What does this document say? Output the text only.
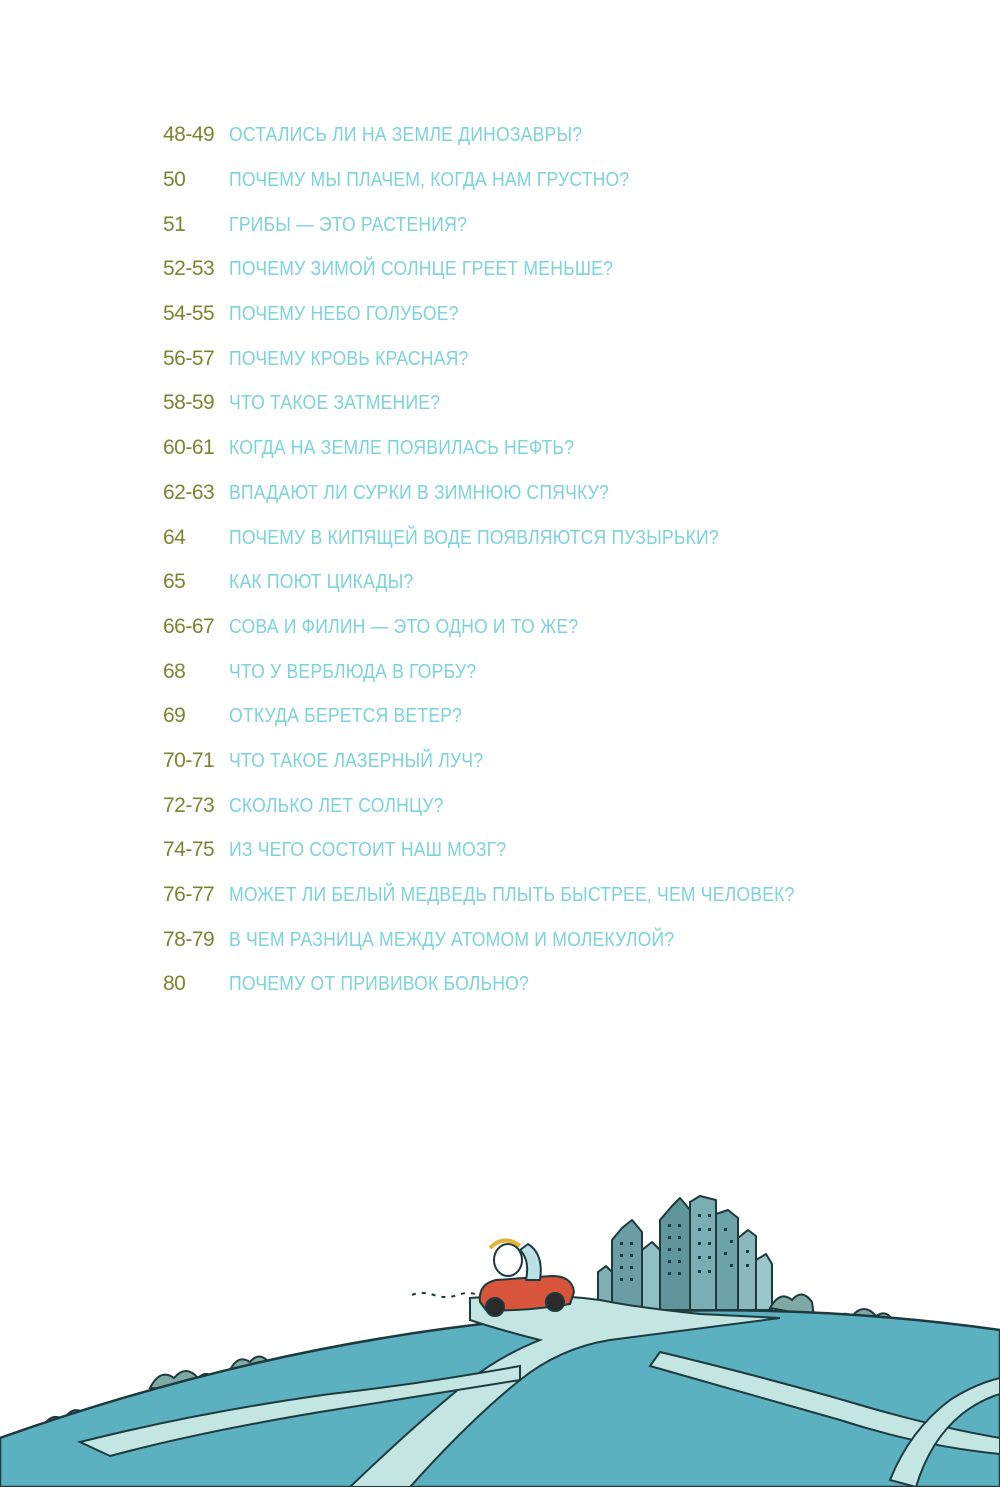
48-49 ОСТАЛИСЬ ЛИ НА ЗЕМЛЕ ДИНОЗАВРЫ?
50	ПОЧЕМУ МЫ ПЛАЧЕМ, КОГДА НАМ ГРУСТНО?
51	ГРИБЫ — ЭТО РАСТЕНИЯ?
52-53 ПОЧЕМУ ЗИМОЙ СОЛНЦЕ ГРЕЕТ МЕНЬШЕ?
54-55 ПОЧЕМУ НЕБО ГОЛУБОЕ?
56-57 ПОЧЕМУ КРОВЬ КРАСНАЯ?
58-59 ЧТО ТАКОЕ ЗАТМЕНИЕ?
60-61 КОГДА НА ЗЕМЛЕ ПОЯВИЛАСЬ НЕФТЬ?
62-63 ВПАДАЮТ ЛИ СУРКИ В ЗИМНЮЮ СПЯЧКУ?
64	ПОЧЕМУ В КИПЯЩЕЙ ВОДЕ ПОЯВЛЯЮТСЯ ПУЗЫРЬКИ?
65	КАК ПОЮТ ЦИКАДЫ?
66-67 СОВА И ФИЛИН — ЭТО ОДНО И ТО ЖЕ?
68	ЧТО У ВЕРБЛЮДА В ГОРБУ?
69	ОТКУДА БЕРЕТСЯ ВЕТЕР?
70-71 ЧТО ТАКОЕ ЛАЗЕРНЫЙ ЛУЧ?
72-73 СКОЛЬКО ЛЕТ СОЛНЦУ?
74-75 ИЗ ЧЕГО СОСТОИТ НАШ МОЗГ?
76-77 МОЖЕТ ЛИ БЕЛЫЙ МЕДВЕДЬ ПЛЫТЬ БЫСТРЕЕ, ЧЕМ ЧЕЛОВЕК?
78-79 В ЧЕМ РАЗНИЦА МЕЖДУ АТОМОМ И МОЛЕКУЛОЙ?
80	ПОЧЕМУ ОТ ПРИВИВОК БОЛЬНО?
